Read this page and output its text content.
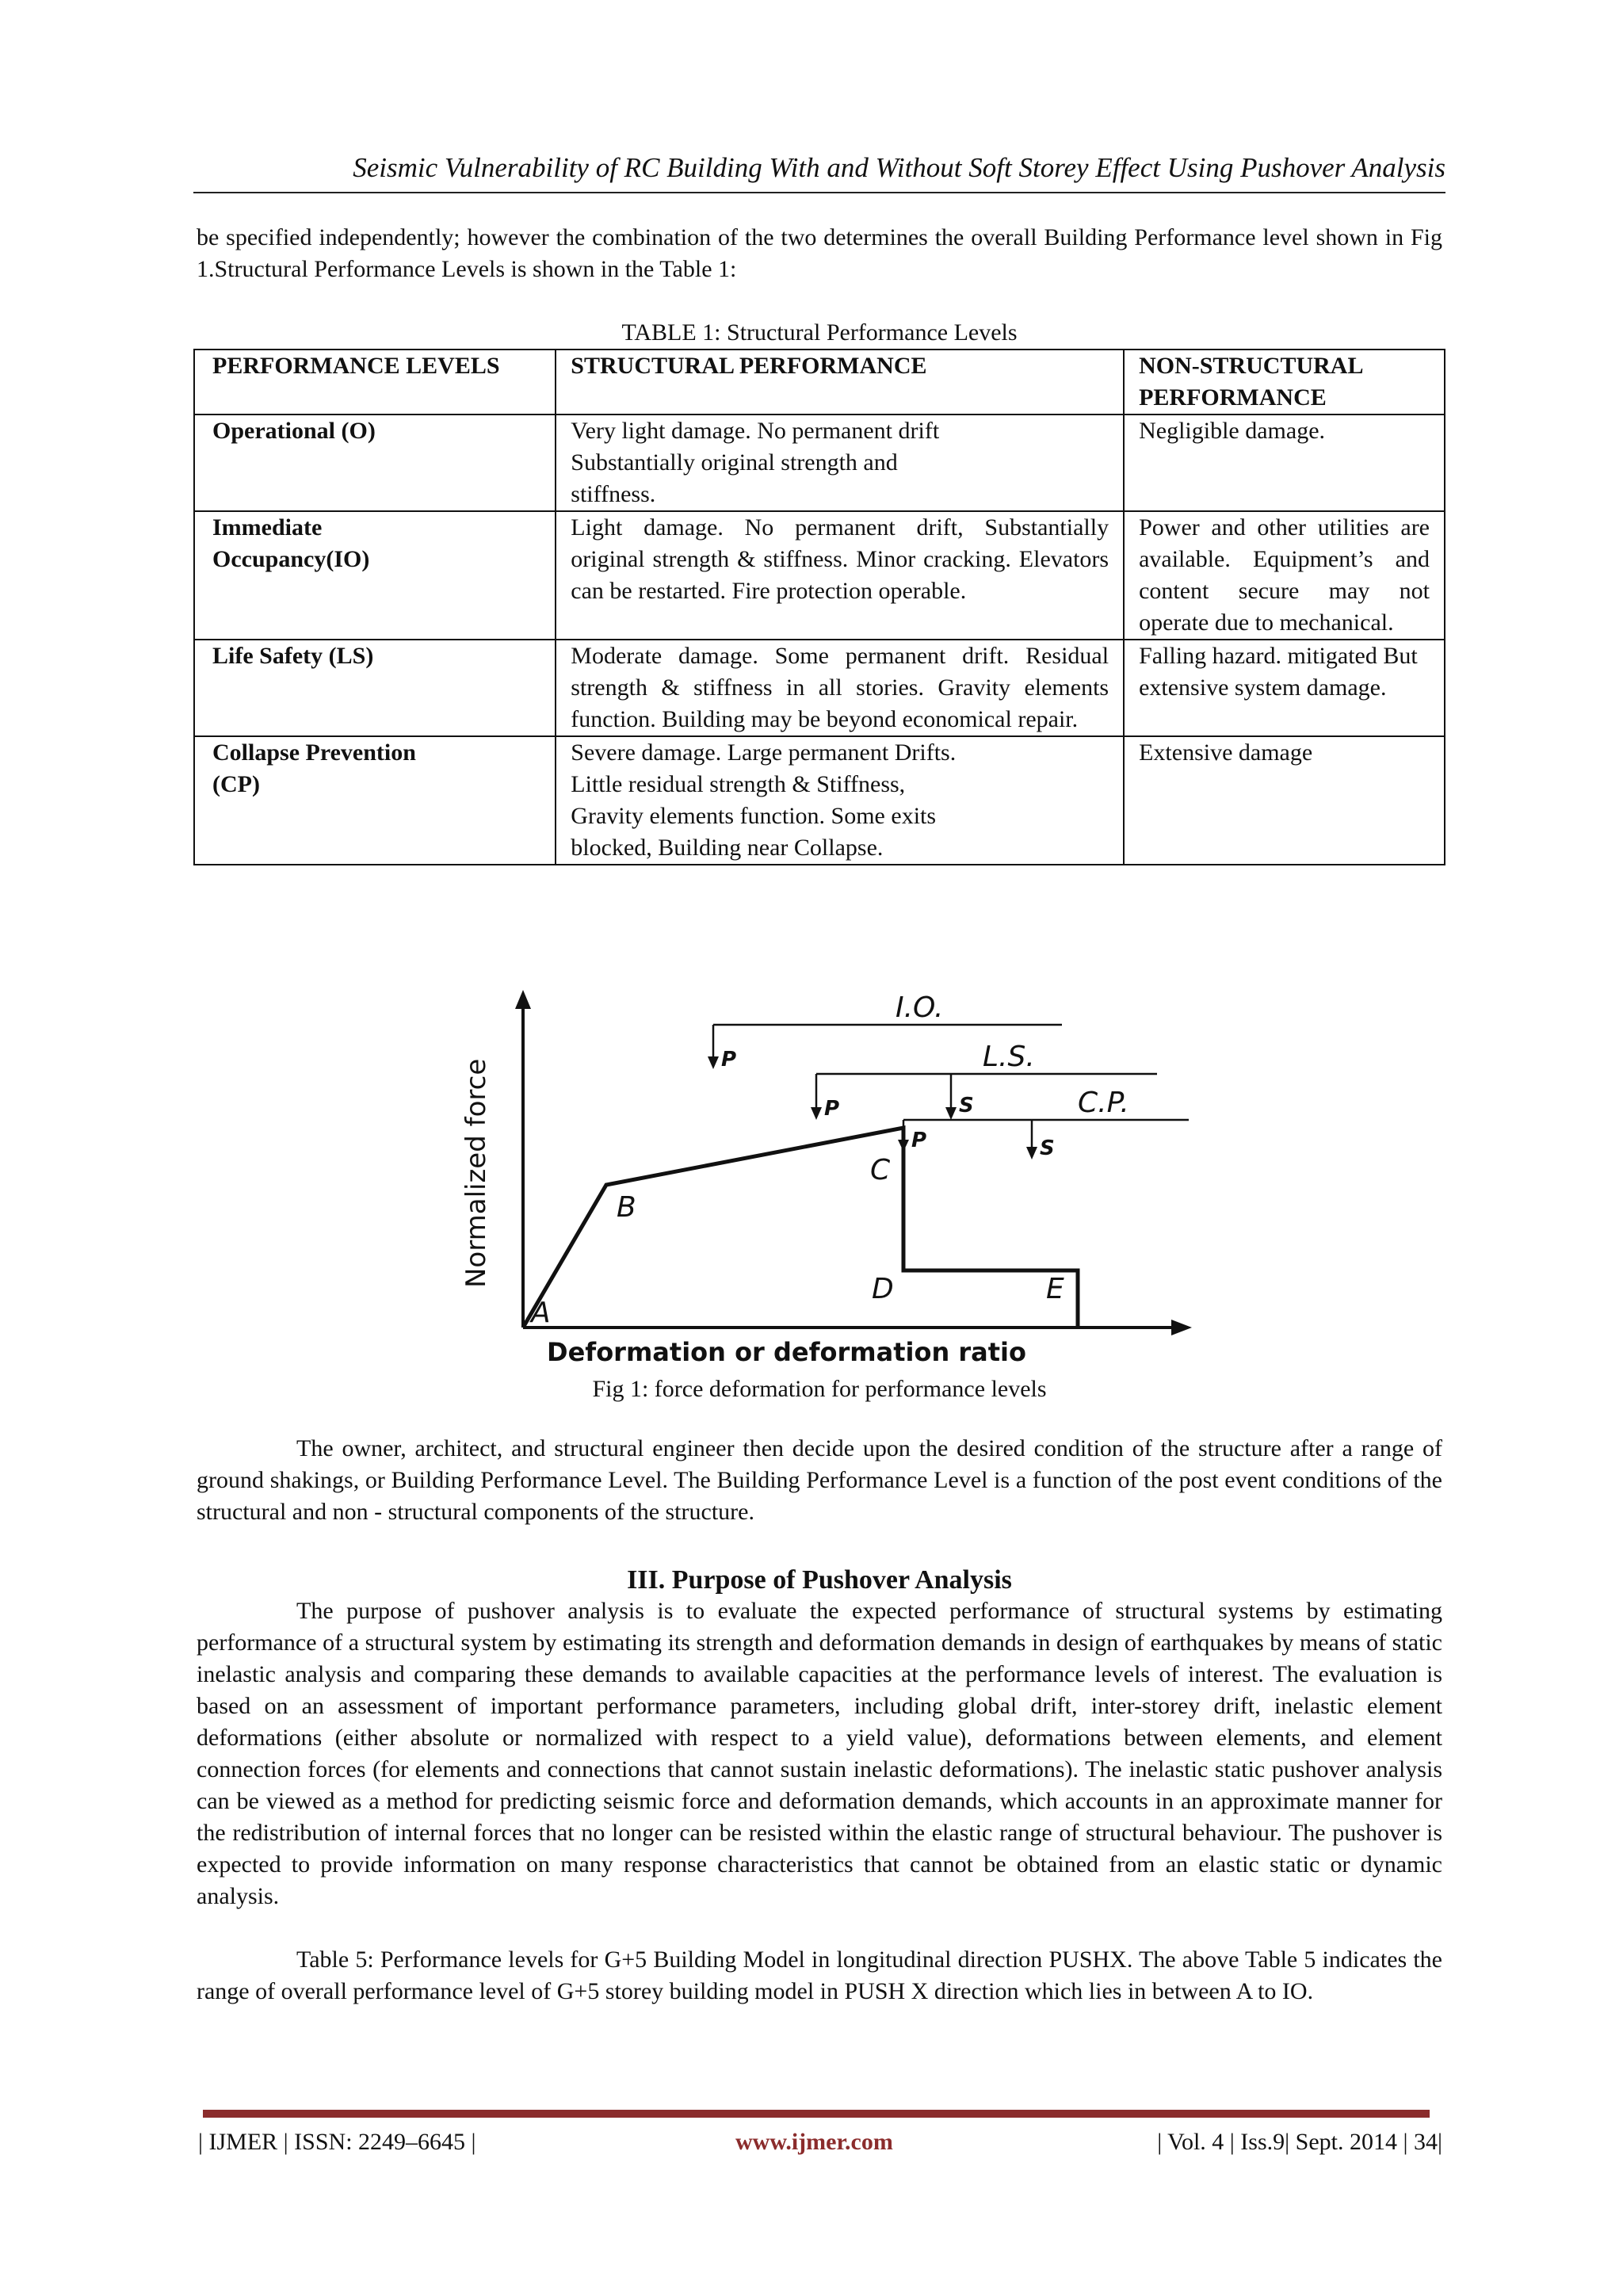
Seismic Vulnerability of RC Building With and Without Soft Storey Effect Using Pushover Analysis

be specified independently; however the combination of the two determines the overall Building Performance level shown in Fig 1.Structural Performance Levels is shown in the Table 1:

TABLE 1: Structural Performance Levels
PERFORMANCE LEVELS	STRUCTURAL PERFORMANCE	NON-STRUCTURAL PERFORMANCE
Operational (O)	Very light damage. No permanent drift Substantially original strength and stiffness.	Negligible damage.
Immediate Occupancy(IO)	Light damage. No permanent drift, Substantially original strength & stiffness. Minor cracking. Elevators can be restarted. Fire protection operable.	Power and other utilities are available. Equipment’s and content secure may not operate due to mechanical.
Life Safety (LS)	Moderate damage. Some permanent drift. Residual strength & stiffness in all stories. Gravity elements function. Building may be beyond economical repair.	Falling hazard. mitigated But extensive system damage.
Collapse Prevention (CP)	Severe damage. Large permanent Drifts. Little residual strength & Stiffness, Gravity elements function. Some exits blocked, Building near Collapse.	Extensive damage
A
B
C
D	E
I.O.
L.S.
C.P.
P
P	S
P	S
Normalized force
Deformation or deformation ratio
Fig 1: force deformation for performance levels

The owner, architect, and structural engineer then decide upon the desired condition of the structure after a range of ground shakings, or Building Performance Level. The Building Performance Level is a function of the post event conditions of the structural and non - structural components of the structure.

III. Purpose of Pushover Analysis

The purpose of pushover analysis is to evaluate the expected performance of structural systems by estimating performance of a structural system by estimating its strength and deformation demands in design of earthquakes by means of static inelastic analysis and comparing these demands to available capacities at the performance levels of interest. The evaluation is based on an assessment of important performance parameters, including global drift, inter-storey drift, inelastic element deformations (either absolute or normalized with respect to a yield value), deformations between elements, and element connection forces (for elements and connections that cannot sustain inelastic deformations). The inelastic static pushover analysis can be viewed as a method for predicting seismic force and deformation demands, which accounts in an approximate manner for the redistribution of internal forces that no longer can be resisted within the elastic range of structural behaviour. The pushover is expected to provide information on many response characteristics that cannot be obtained from an elastic static or dynamic analysis.

Table 5: Performance levels for G+5 Building Model in longitudinal direction PUSHX. The above Table 5 indicates the range of overall performance level of G+5 storey building model in PUSH X direction which lies in between A to IO.

| IJMER | ISSN: 2249–6645 |	www.ijmer.com	| Vol. 4 | Iss.9| Sept. 2014 | 34|
